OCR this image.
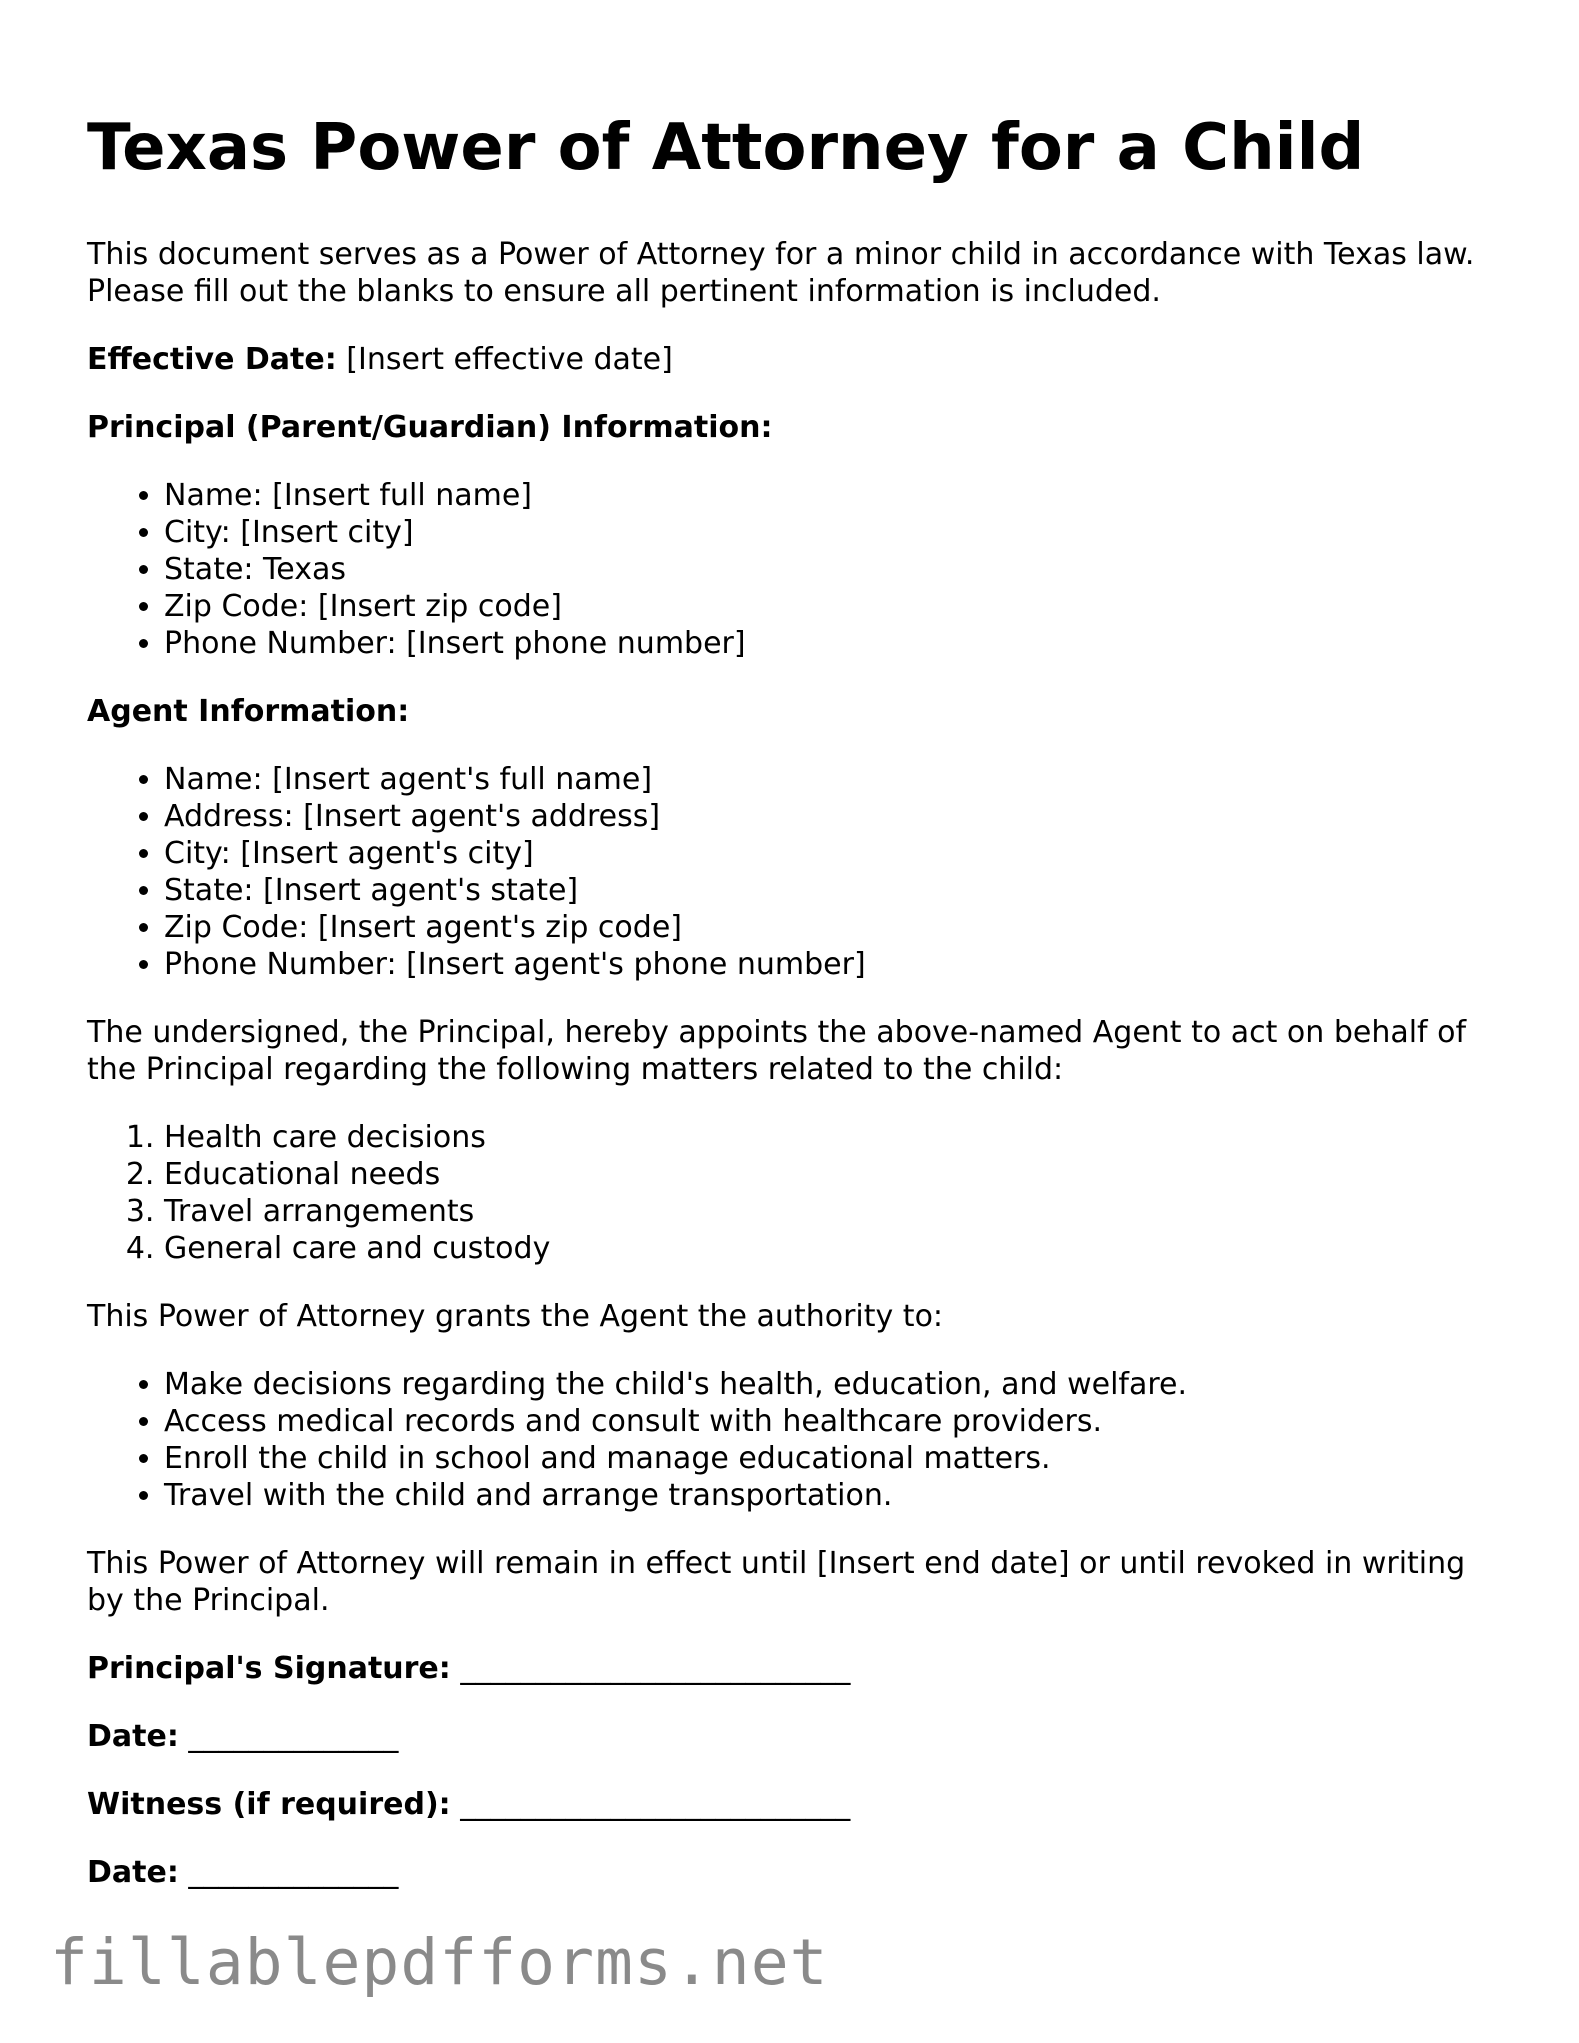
Texas Power of Attorney for a Child

This document serves as a Power of Attorney for a minor child in accordance with Texas law. Please fill out the blanks to ensure all pertinent information is included.

Effective Date: [Insert effective date]

Principal (Parent/Guardian) Information:

• Name: [Insert full name]
• City: [Insert city]
• State: Texas
• Zip Code: [Insert zip code]
• Phone Number: [Insert phone number]

Agent Information:

• Name: [Insert agent's full name]
• Address: [Insert agent's address]
• City: [Insert agent's city]
• State: [Insert agent's state]
• Zip Code: [Insert agent's zip code]
• Phone Number: [Insert agent's phone number]

The undersigned, the Principal, hereby appoints the above-named Agent to act on behalf of the Principal regarding the following matters related to the child:

1. Health care decisions
2. Educational needs
3. Travel arrangements
4. General care and custody

This Power of Attorney grants the Agent the authority to:

• Make decisions regarding the child's health, education, and welfare.
• Access medical records and consult with healthcare providers.
• Enroll the child in school and manage educational matters.
• Travel with the child and arrange transportation.

This Power of Attorney will remain in effect until [Insert end date] or until revoked in writing by the Principal.

Principal's Signature: __________________________

Date: ______________

Witness (if required): __________________________

Date: ______________

fillablepdfforms.net
